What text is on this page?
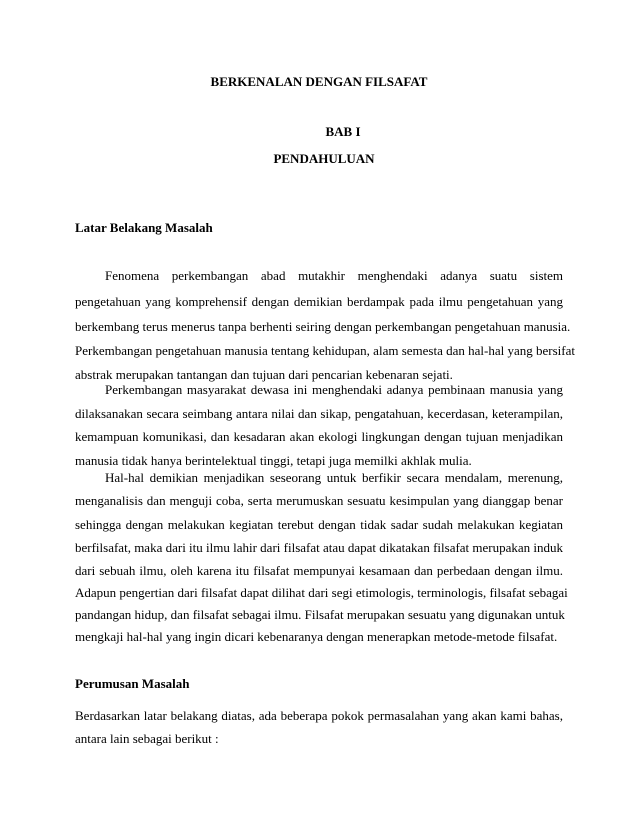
BERKENALAN DENGAN FILSAFAT
BAB I
PENDAHULUAN
Latar Belakang Masalah
Fenomena perkembangan abad mutakhir menghendaki adanya suatu sistem
pengetahuan yang komprehensif dengan demikian berdampak pada ilmu pengetahuan yang
berkembang terus menerus tanpa berhenti seiring dengan perkembangan pengetahuan manusia.
Perkembangan pengetahuan manusia tentang kehidupan, alam semesta dan hal-hal yang bersifat
abstrak merupakan tantangan dan tujuan dari pencarian kebenaran sejati.
Perkembangan masyarakat dewasa ini menghendaki adanya pembinaan manusia yang
dilaksanakan secara seimbang antara nilai dan sikap, pengatahuan, kecerdasan, keterampilan,
kemampuan komunikasi, dan kesadaran akan ekologi lingkungan dengan tujuan menjadikan
manusia tidak hanya berintelektual tinggi, tetapi juga memilki akhlak mulia.
Hal-hal demikian menjadikan seseorang untuk berfikir secara mendalam, merenung,
menganalisis dan menguji coba, serta merumuskan sesuatu kesimpulan yang dianggap benar
sehingga dengan melakukan kegiatan terebut dengan tidak sadar sudah melakukan kegiatan
berfilsafat, maka dari itu ilmu lahir dari filsafat atau dapat dikatakan filsafat merupakan induk
dari sebuah ilmu, oleh karena itu filsafat mempunyai kesamaan dan perbedaan dengan ilmu.
Adapun pengertian dari filsafat dapat dilihat dari segi etimologis, terminologis, filsafat sebagai
pandangan hidup, dan filsafat sebagai ilmu. Filsafat merupakan sesuatu yang digunakan untuk
mengkaji hal-hal yang ingin dicari kebenaranya dengan menerapkan metode-metode filsafat.
Perumusan Masalah
Berdasarkan latar belakang diatas, ada beberapa pokok permasalahan yang akan kami bahas,
antara lain sebagai berikut :
